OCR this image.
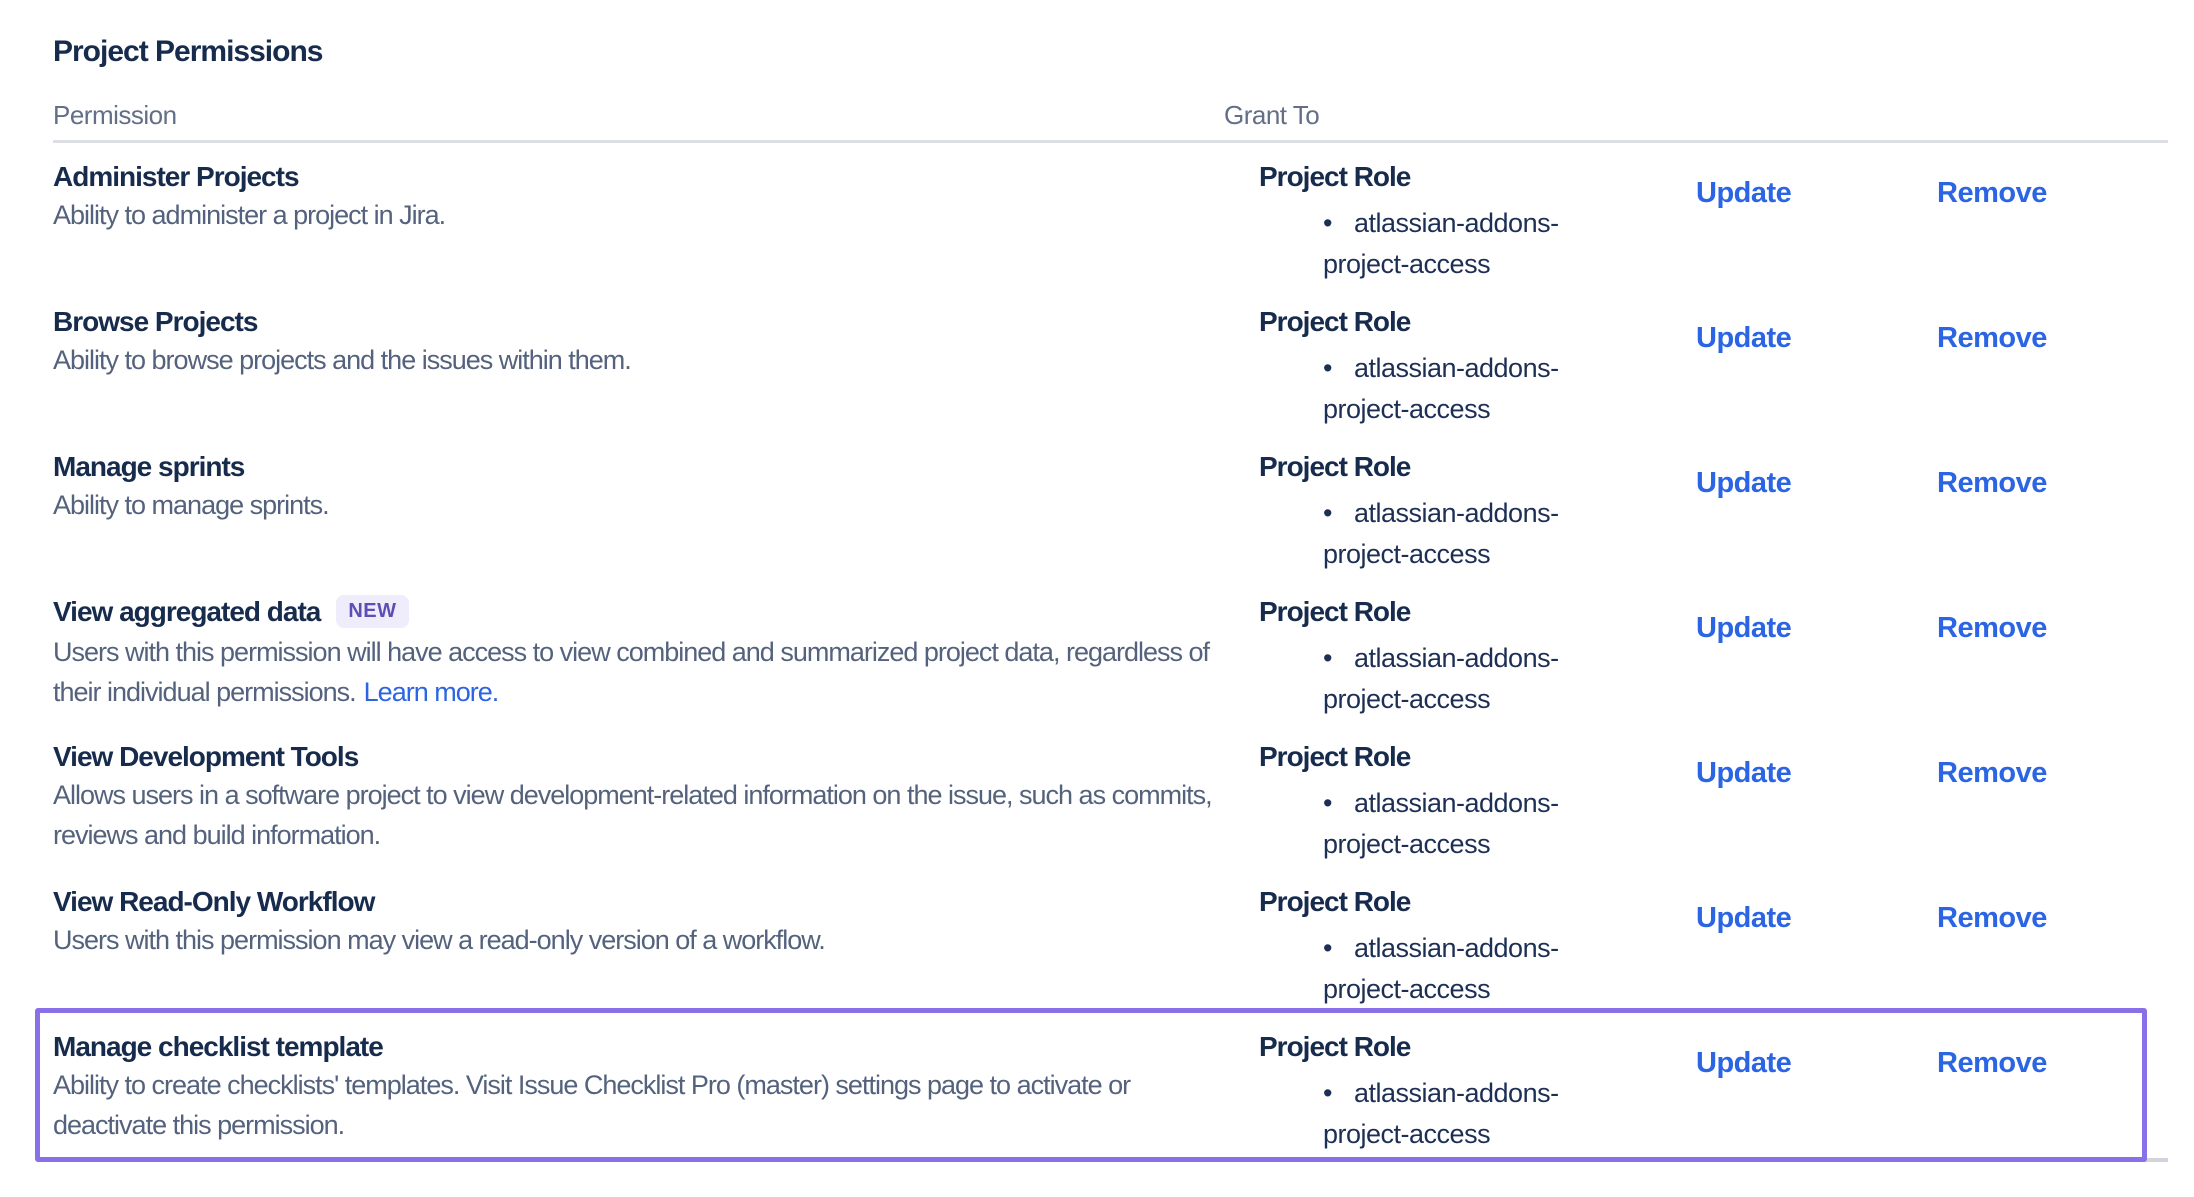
Project Permissions
Permission	Grant To
Administer Projects
Ability to administer a project in Jira.
Project Role
• atlassian-addons-project-access
Update	Remove
Browse Projects
Ability to browse projects and the issues within them.
Project Role
• atlassian-addons-project-access
Update	Remove
Manage sprints
Ability to manage sprints.
Project Role
• atlassian-addons-project-access
Update	Remove
View aggregated data NEW
Users with this permission will have access to view combined and summarized project data, regardless of their individual permissions. Learn more.
Project Role
• atlassian-addons-project-access
Update	Remove
View Development Tools
Allows users in a software project to view development-related information on the issue, such as commits, reviews and build information.
Project Role
• atlassian-addons-project-access
Update	Remove
View Read-Only Workflow
Users with this permission may view a read-only version of a workflow.
Project Role
• atlassian-addons-project-access
Update	Remove
Manage checklist template
Ability to create checklists' templates. Visit Issue Checklist Pro (master) settings page to activate or deactivate this permission.
Project Role
• atlassian-addons-project-access
Update	Remove
